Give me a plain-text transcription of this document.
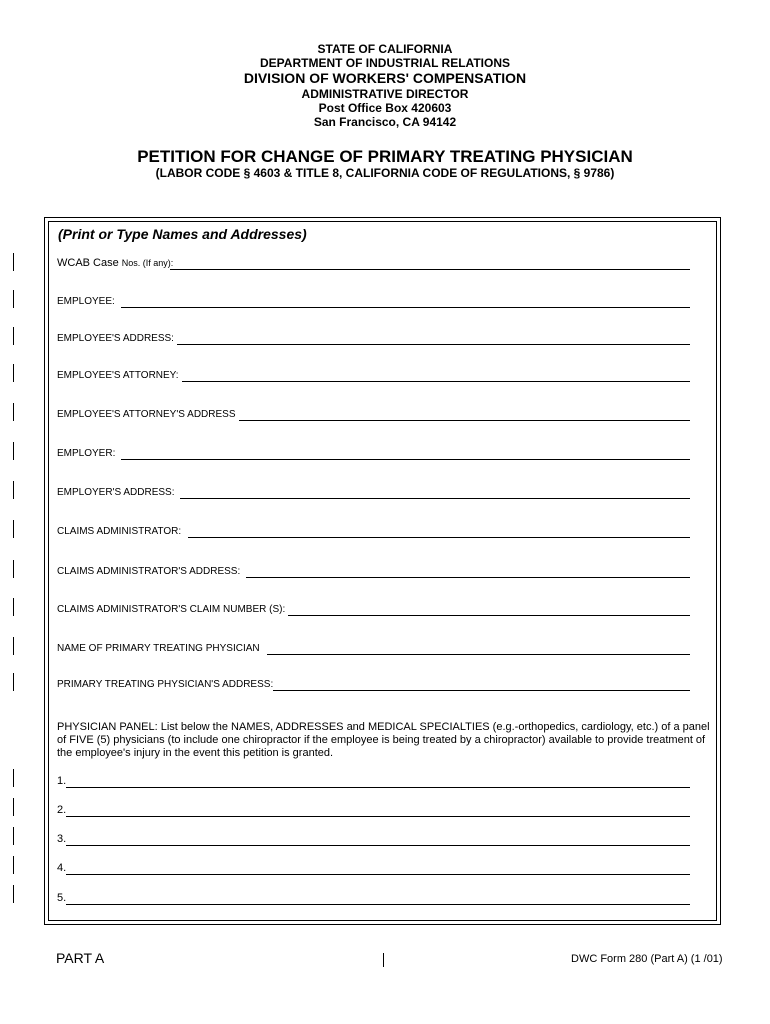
STATE OF CALIFORNIA
DEPARTMENT OF INDUSTRIAL RELATIONS
DIVISION OF WORKERS' COMPENSATION
ADMINISTRATIVE DIRECTOR
Post Office Box 420603
San Francisco, CA 94142
PETITION FOR CHANGE OF PRIMARY TREATING PHYSICIAN
(LABOR CODE § 4603 & TITLE 8, CALIFORNIA CODE OF REGULATIONS, § 9786)
(Print or Type Names and Addresses)
WCAB Case Nos. (If any):
EMPLOYEE:
EMPLOYEE'S ADDRESS:
EMPLOYEE'S ATTORNEY:
EMPLOYEE'S ATTORNEY'S ADDRESS
EMPLOYER:
EMPLOYER'S ADDRESS:
CLAIMS ADMINISTRATOR:
CLAIMS ADMINISTRATOR'S ADDRESS:
CLAIMS ADMINISTRATOR'S CLAIM NUMBER (S):
NAME OF PRIMARY TREATING PHYSICIAN
PRIMARY TREATING PHYSICIAN'S ADDRESS:
PHYSICIAN PANEL: List below the NAMES, ADDRESSES and MEDICAL SPECIALTIES (e.g.-orthopedics, cardiology, etc.) of a panel of FIVE (5) physicians (to include one chiropractor if the employee is being treated by a chiropractor) available to provide treatment of the employee's injury in the event this petition is granted.
1.
2.
3.
4.
5.
PART A	DWC Form 280 (Part A) (1 /01)
